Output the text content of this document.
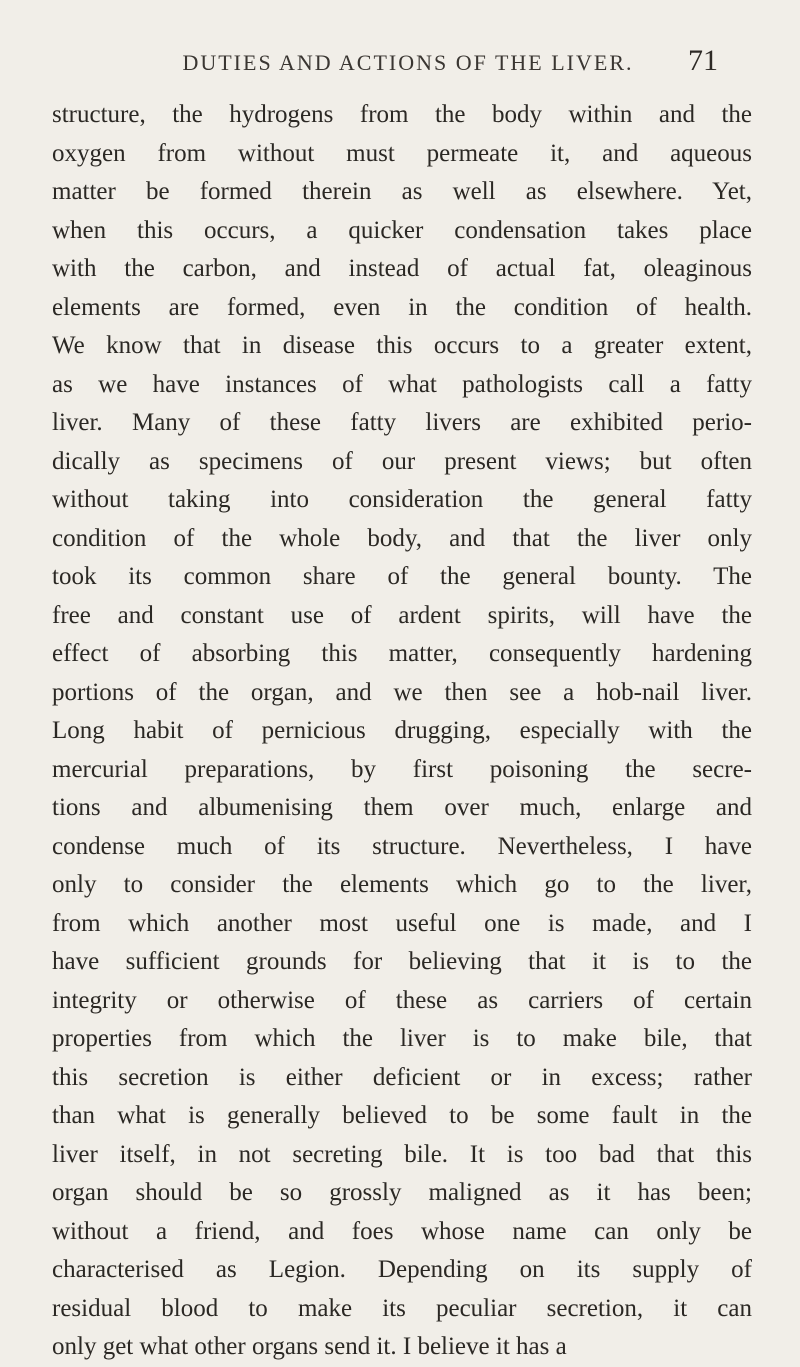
DUTIES AND ACTIONS OF THE LIVER.	71
structure, the hydrogens from the body within and the
oxygen from without must permeate it, and aqueous
matter be formed therein as well as elsewhere. Yet,
when this occurs, a quicker condensation takes place
with the carbon, and instead of actual fat, oleaginous
elements are formed, even in the condition of health.
We know that in disease this occurs to a greater extent,
as we have instances of what pathologists call a fatty
liver. Many of these fatty livers are exhibited perio-
dically as specimens of our present views; but often
without taking into consideration the general fatty
condition of the whole body, and that the liver only
took its common share of the general bounty. The
free and constant use of ardent spirits, will have the
effect of absorbing this matter, consequently hardening
portions of the organ, and we then see a hob-nail liver.
Long habit of pernicious drugging, especially with the
mercurial preparations, by first poisoning the secre-
tions and albumenising them over much, enlarge and
condense much of its structure. Nevertheless, I have
only to consider the elements which go to the liver,
from which another most useful one is made, and I
have sufficient grounds for believing that it is to the
integrity or otherwise of these as carriers of certain
properties from which the liver is to make bile, that
this secretion is either deficient or in excess; rather
than what is generally believed to be some fault in the
liver itself, in not secreting bile. It is too bad that this
organ should be so grossly maligned as it has been;
without a friend, and foes whose name can only be
characterised as Legion. Depending on its supply of
residual blood to make its peculiar secretion, it can
only get what other organs send it. I believe it has a
